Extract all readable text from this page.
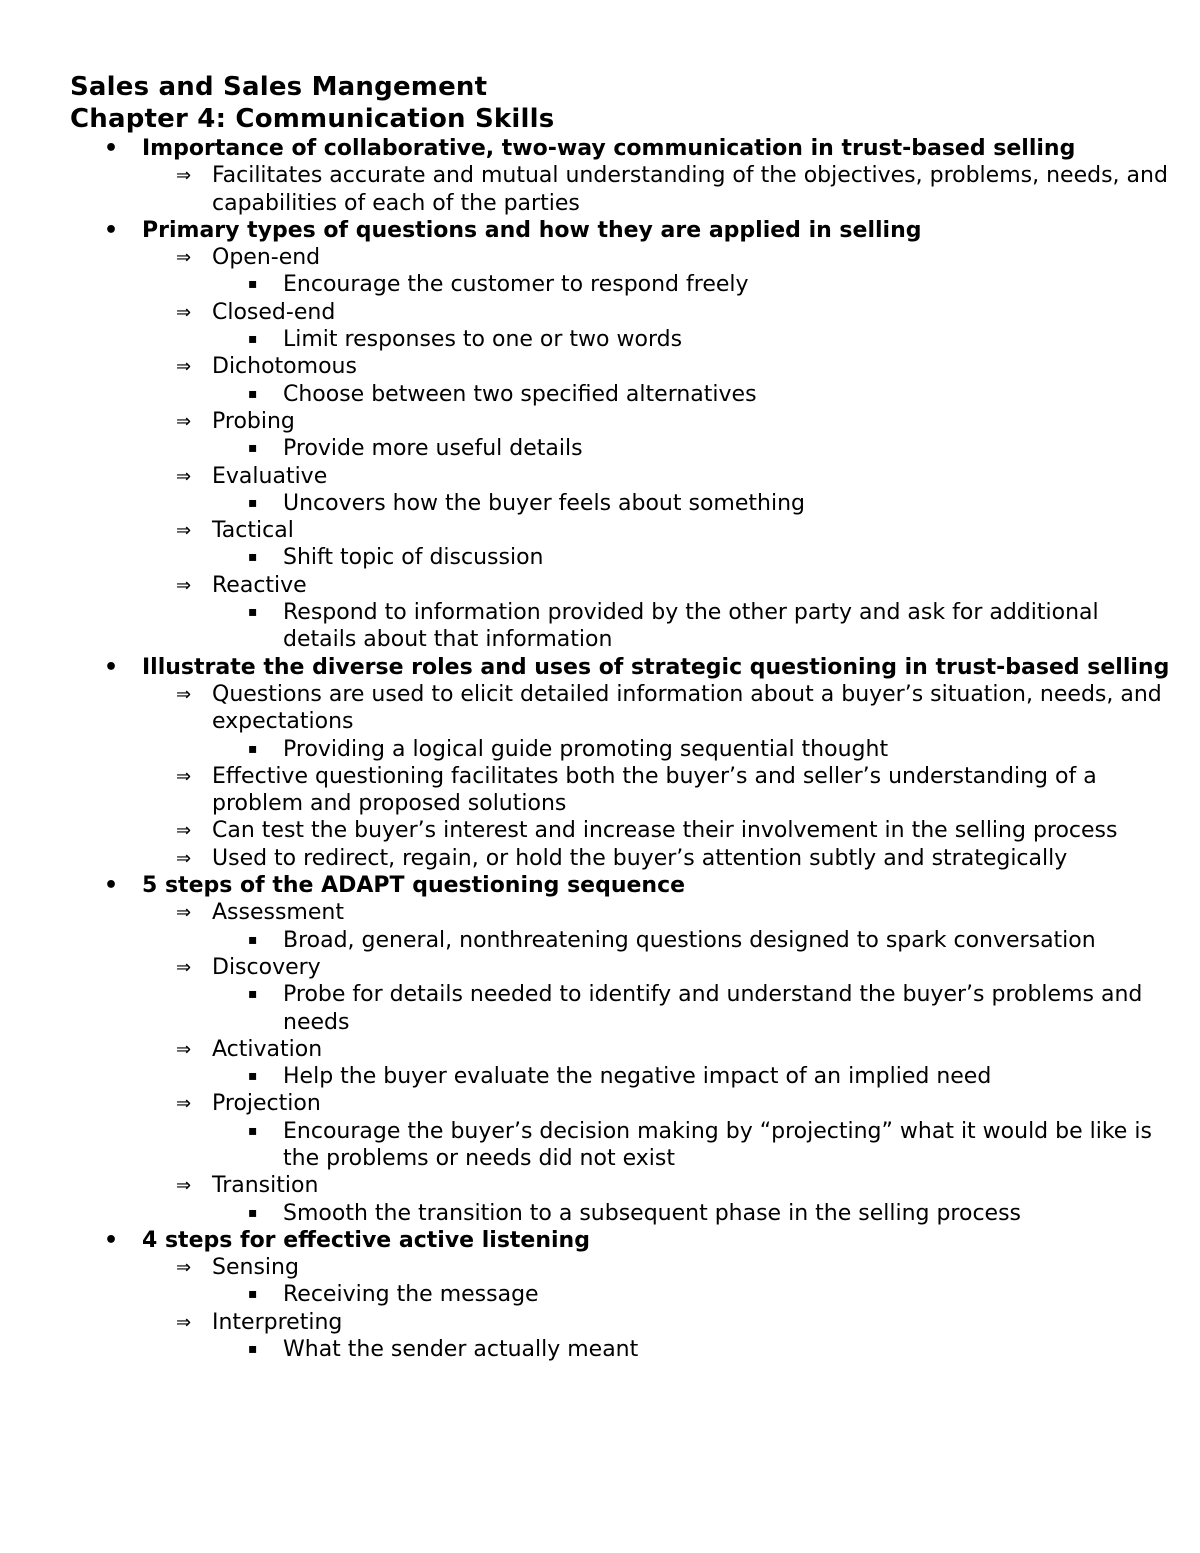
Sales and Sales Mangement
Chapter 4: Communication Skills
• Importance of collaborative, two-way communication in trust-based selling
⇒ Facilitates accurate and mutual understanding of the objectives, problems, needs, and capabilities of each of the parties
• Primary types of questions and how they are applied in selling
⇒ Open-end
▪ Encourage the customer to respond freely
⇒ Closed-end
▪ Limit responses to one or two words
⇒ Dichotomous
▪ Choose between two specified alternatives
⇒ Probing
▪ Provide more useful details
⇒ Evaluative
▪ Uncovers how the buyer feels about something
⇒ Tactical
▪ Shift topic of discussion
⇒ Reactive
▪ Respond to information provided by the other party and ask for additional details about that information
• Illustrate the diverse roles and uses of strategic questioning in trust-based selling
⇒ Questions are used to elicit detailed information about a buyer’s situation, needs, and expectations
▪ Providing a logical guide promoting sequential thought
⇒ Effective questioning facilitates both the buyer’s and seller’s understanding of a problem and proposed solutions
⇒ Can test the buyer’s interest and increase their involvement in the selling process
⇒ Used to redirect, regain, or hold the buyer’s attention subtly and strategically
• 5 steps of the ADAPT questioning sequence
⇒ Assessment
▪ Broad, general, nonthreatening questions designed to spark conversation
⇒ Discovery
▪ Probe for details needed to identify and understand the buyer’s problems and needs
⇒ Activation
▪ Help the buyer evaluate the negative impact of an implied need
⇒ Projection
▪ Encourage the buyer’s decision making by “projecting” what it would be like is the problems or needs did not exist
⇒ Transition
▪ Smooth the transition to a subsequent phase in the selling process
• 4 steps for effective active listening
⇒ Sensing
▪ Receiving the message
⇒ Interpreting
▪ What the sender actually meant
